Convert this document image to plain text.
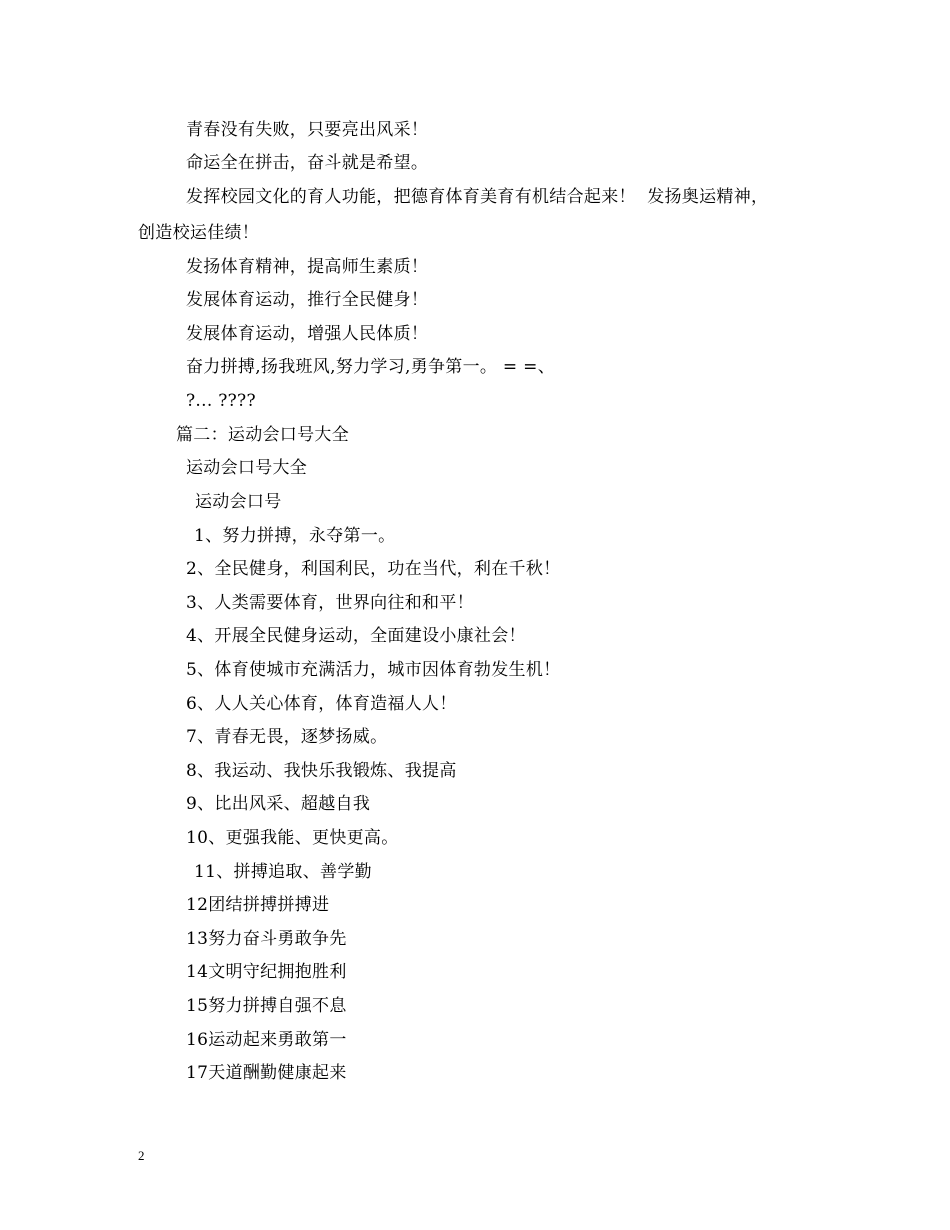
青春没有失败，只要亮出风采！
命运全在拼击，奋斗就是希望。
发挥校园文化的育人功能，把德育体育美育有机结合起来！  发扬奥运精神，
创造校运佳绩！
发扬体育精神，提高师生素质！
发展体育运动，推行全民健身！
发展体育运动，增强人民体质！
奋力拼搏,扬我班风,努力学习,勇争第一。 = =、
?... ????
篇二：运动会口号大全
运动会口号大全
运动会口号
1、努力拼搏，永夺第一。
2、全民健身，利国利民，功在当代，利在千秋！
3、人类需要体育，世界向往和和平！
4、开展全民健身运动，全面建设小康社会！
5、体育使城市充满活力，城市因体育勃发生机！
6、人人关心体育，体育造福人人！
7、青春无畏，逐梦扬威。
8、我运动、我快乐我锻炼、我提高
9、比出风采、超越自我
10、更强我能、更快更高。
11、拼搏追取、善学勤
12团结拼搏拼搏进
13努力奋斗勇敢争先
14文明守纪拥抱胜利
15努力拼搏自强不息
16运动起来勇敢第一
17天道酬勤健康起来
2
